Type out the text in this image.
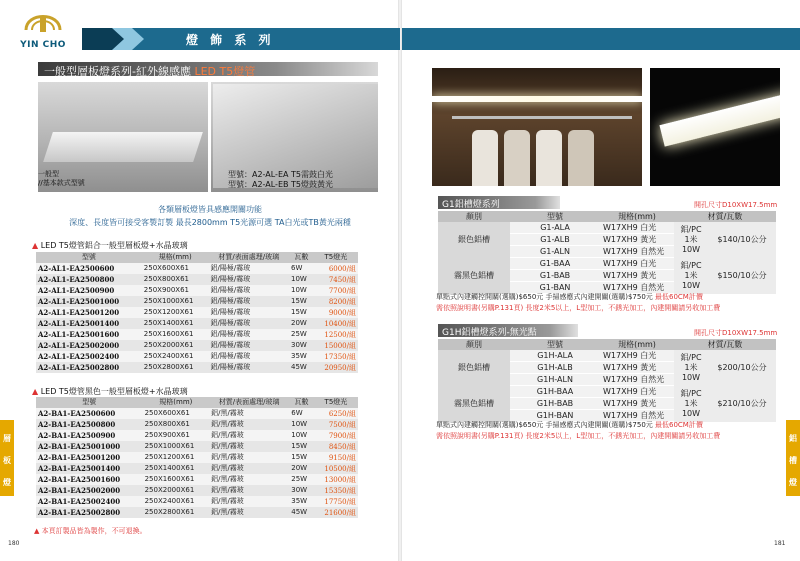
YIN CHO	燈 飾 系 列
一般型層板燈系列-紅外線感應 LED T5燈管
一般型
//基本款式型號
型號：A2-AL-EA T5需鼓白光
型號：A2-AL-EB T5燈鼓黃光
各類層板燈皆具感應開關功能
深度、長度皆可接受客製訂製 最長2800mm T5光源可選 TA白光或TB黃光兩種
▲ LED T5燈管鋁合一般型層板燈+水晶玻璃
型號	規格(mm)	材質/表面處理/玻璃	瓦數	T5燈光
A2-AL1-EA2500600	250X600X61	鋁/陽極/霧玻	6W	6000/組
A2-AL1-EA2500800	250X800X61	鋁/陽極/霧玻	10W	7450/組
A2-AL1-EA2500900	250X900X61	鋁/陽極/霧玻	10W	7700/組
A2-AL1-EA25001000	250X1000X61	鋁/陽極/霧玻	15W	8200/組
A2-AL1-EA25001200	250X1200X61	鋁/陽極/霧玻	15W	9000/組
A2-AL1-EA25001400	250X1400X61	鋁/陽極/霧玻	20W	10400/組
A2-AL1-EA25001600	250X1600X61	鋁/陽極/霧玻	25W	12500/組
A2-AL1-EA25002000	250X2000X61	鋁/陽極/霧玻	30W	15000/組
A2-AL1-EA25002400	250X2400X61	鋁/陽極/霧玻	35W	17350/組
A2-AL1-EA25002800	250X2800X61	鋁/陽極/霧玻	45W	20950/組
▲ LED T5燈管黑色一般型層板燈+水晶玻璃
型號	規格(mm)	材質/表面處理/玻璃	瓦數	T5燈光
A2-BA1-EA2500600	250X600X61	鋁/黑/霧玻	6W	6250/組
A2-BA1-EA2500800	250X800X61	鋁/黑/霧玻	10W	7500/組
A2-BA1-EA2500900	250X900X61	鋁/黑/霧玻	10W	7900/組
A2-BA1-EA25001000	250X1000X61	鋁/黑/霧玻	15W	8450/組
A2-BA1-EA25001200	250X1200X61	鋁/黑/霧玻	15W	9150/組
A2-BA1-EA25001400	250X1400X61	鋁/黑/霧玻	20W	10500/組
A2-BA1-EA25001600	250X1600X61	鋁/黑/霧玻	25W	13000/組
A2-BA1-EA25002000	250X2000X61	鋁/黑/霧玻	30W	15350/組
A2-BA1-EA25002400	250X2400X61	鋁/黑/霧玻	35W	17750/組
A2-BA1-EA25002800	250X2800X61	鋁/黑/霧玻	45W	21600/組
▲ 本頁訂製品皆為製作，不可退換。
180
層
板
燈
G1鋁槽燈系列	開孔尺寸D10XW17.5mm
顏別	型號	規格(mm)	材質/瓦數	
銀色鋁槽	G1-ALA	W17XH9 白光	鋁/PC 1米10W	$140/10公分
	G1-ALB	W17XH9 黃光		
	G1-ALN	W17XH9 自然光		
霧黑色鋁槽	G1-BAA	W17XH9 白光	鋁/PC 1米10W	$150/10公分
	G1-BAB	W17XH9 黃光		
	G1-BAN	W17XH9 自然光		
單點式內建觸控開關(選購)$650元 手掃感應式內建開關(選購)$750元 最低60CM計價
需依照說明書(另購P.131頁) 長度2米5以上，L型加工，不銹光加工，內建開關請另收加工費
G1H鋁槽燈系列-無光點	開孔尺寸D10XW17.5mm
顏別	型號	規格(mm)	材質/瓦數	
銀色鋁槽	G1H-ALA	W17XH9 白光	鋁/PC 1米10W	$200/10公分
	G1H-ALB	W17XH9 黃光		
	G1H-ALN	W17XH9 自然光		
霧黑色鋁槽	G1H-BAA	W17XH9 白光	鋁/PC 1米10W	$210/10公分
	G1H-BAB	W17XH9 黃光		
	G1H-BAN	W17XH9 自然光		
單點式內建觸控開關(選購)$650元 手掃感應式內建開關(選購)$750元 最低60CM計價
需依照說明書(另購P.131頁) 長度2米5以上，L型加工，不銹光加工，內建開關請另收加工費
181
鋁
槽
燈
